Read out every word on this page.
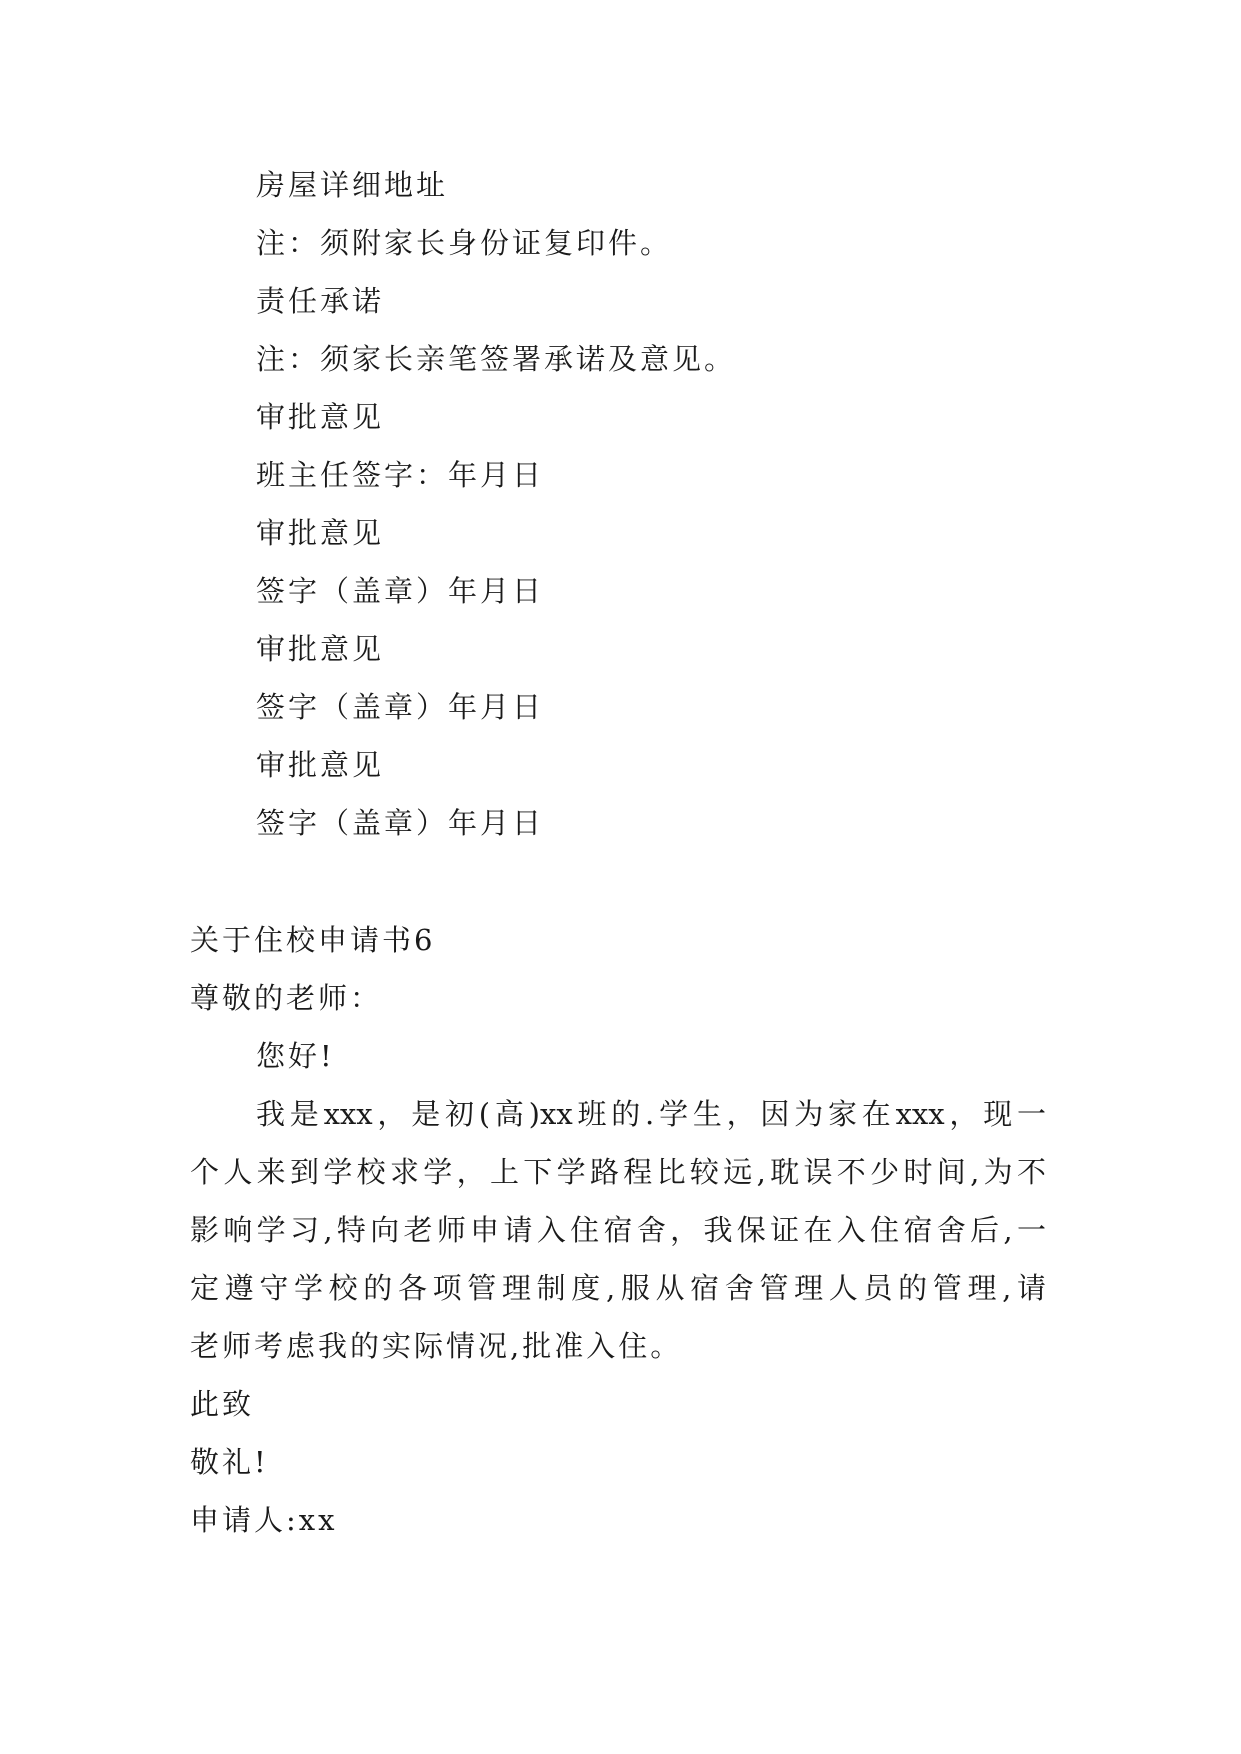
房屋详细地址
注：须附家长身份证复印件。
责任承诺
注：须家长亲笔签署承诺及意见。
审批意见
班主任签字：年月日
审批意见
签字（盖章）年月日
审批意见
签字（盖章）年月日
审批意见
签字（盖章）年月日
关于住校申请书6
尊敬的老师：
您好!
我是xxx，是初(高)xx班的.学生，因为家在xxx，现一
个人来到学校求学，上下学路程比较远,耽误不少时间,为不
影响学习,特向老师申请入住宿舍，我保证在入住宿舍后,一
定遵守学校的各项管理制度,服从宿舍管理人员的管理,请
老师考虑我的实际情况,批准入住。
此致
敬礼!
申请人:xx
